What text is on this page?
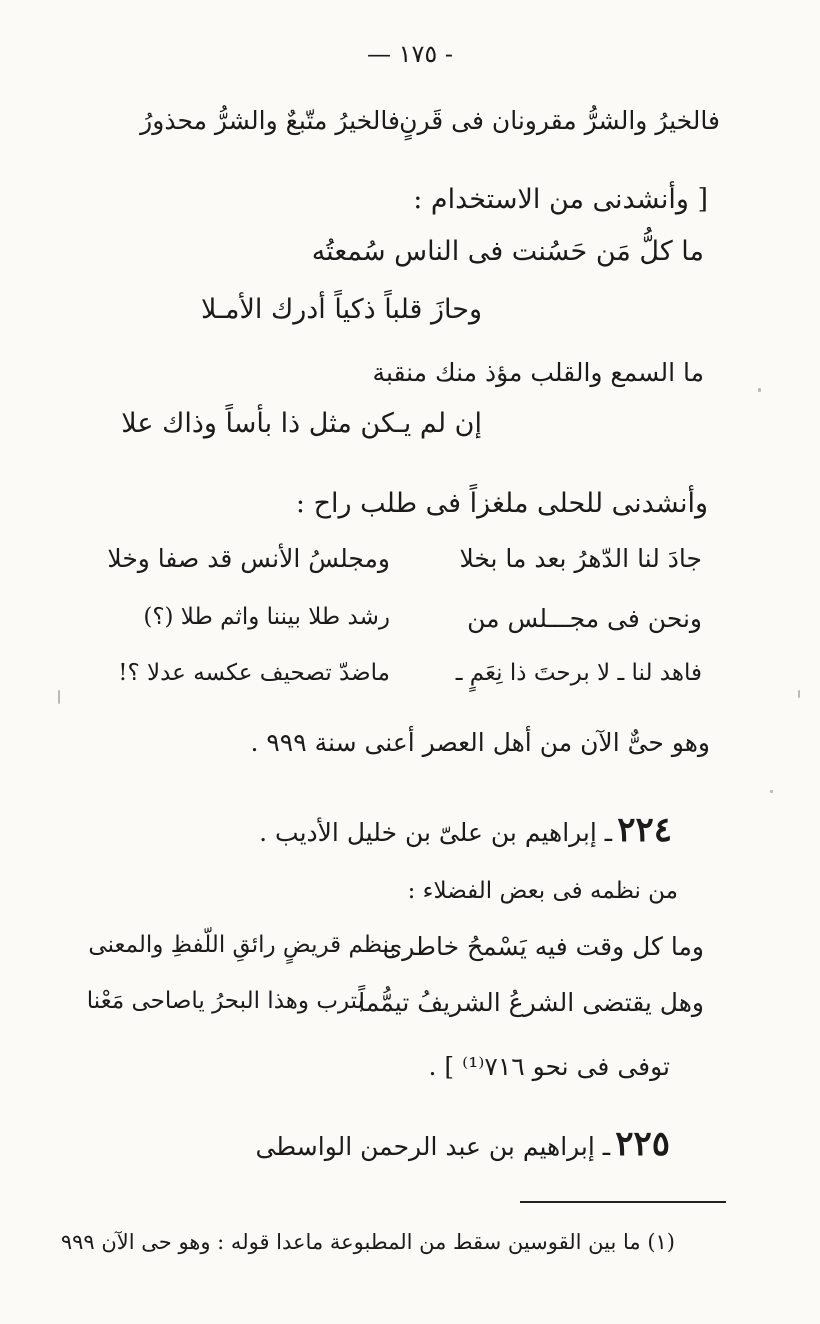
— ١٧٥ -
فالخيرُ والشرُّ مقرونان فى قَرنٍ
فالخيرُ متّبعٌ والشرُّ محذورُ
[ وأنشدنى من الاستخدام :
ما كلُّ مَن حَسُنت فى الناس سُمعتُه
وحازَ قلباً ذكياً أدرك الأمـلا
ما السمع والقلب مؤذ منك منقبة
إن لم يـكن مثل ذا بأساً وذاك علا
وأنشدنى للحلى ملغزاً فى طلب راح :
جادَ لنا الدّهرُ بعد ما بخلا
ومجلسُ الأنس قد صفا وخلا
ونحن فى مجـــلس من
رشد طلا بيننا واثم طلا (؟)
فاهد لنا ـ لا برحتَ ذا نِعَمٍ ـ
ماضدّ تصحيف عكسه عدلا ؟!
وهو حىٌّ الآن من أهل العصر أعنى سنة ٩٩٩ .
٢٢٤ ـ إبراهيم بن علىّ بن خليل الأديب .
من نظمه فى بعض الفضلاء :
وما كل وقت فيه يَسْمحُ خاطرى
بنظم قريضٍ رائقِ اللّفظِ والمعنى
وهل يقتضى الشرعُ الشريفُ تيمُّماً
بترب وهذا البحرُ ياصاحى مَعْنا
توفى فى نحو ٧١٦⁽¹⁾ ] .
٢٢٥ ـ إبراهيم بن عبد الرحمن الواسطى
(١) ما بين القوسين سقط من المطبوعة ماعدا قوله : وهو حى الآن ٩٩٩
